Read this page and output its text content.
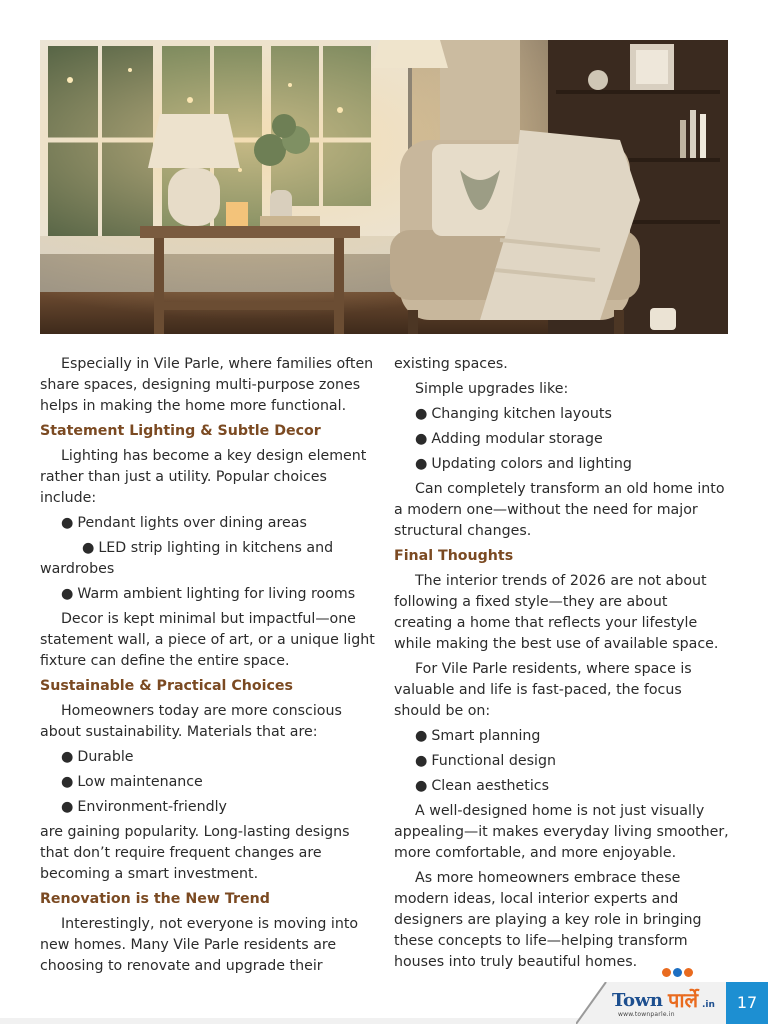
Especially in Vile Parle, where families often share spaces, designing multi-purpose zones helps in making the home more functional.

Statement Lighting & Subtle Decor

Lighting has become a key design element rather than just a utility. Popular choices include:

● Pendant lights over dining areas
● LED strip lighting in kitchens and wardrobes
● Warm ambient lighting for living rooms

Decor is kept minimal but impactful—one statement wall, a piece of art, or a unique light fixture can define the entire space.

Sustainable & Practical Choices

Homeowners today are more conscious about sustainability. Materials that are:

● Durable
● Low maintenance
● Environment-friendly

are gaining popularity. Long-lasting designs that don’t require frequent changes are becoming a smart investment.

Renovation is the New Trend

Interestingly, not everyone is moving into new homes. Many Vile Parle residents are choosing to renovate and upgrade their

existing spaces.

Simple upgrades like:

● Changing kitchen layouts
● Adding modular storage
● Updating colors and lighting

Can completely transform an old home into a modern one—without the need for major structural changes.

Final Thoughts

The interior trends of 2026 are not about following a fixed style—they are about creating a home that reflects your lifestyle while making the best use of available space.

For Vile Parle residents, where space is valuable and life is fast-paced, the focus should be on:

● Smart planning
● Functional design
● Clean aesthetics

A well-designed home is not just visually appealing—it makes everyday living smoother, more comfortable, and more enjoyable.

As more homeowners embrace these modern ideas, local interior experts and designers are playing a key role in bringing these concepts to life—helping transform houses into truly beautiful homes.

Town पार्ले .in
www.townparle.in
17
